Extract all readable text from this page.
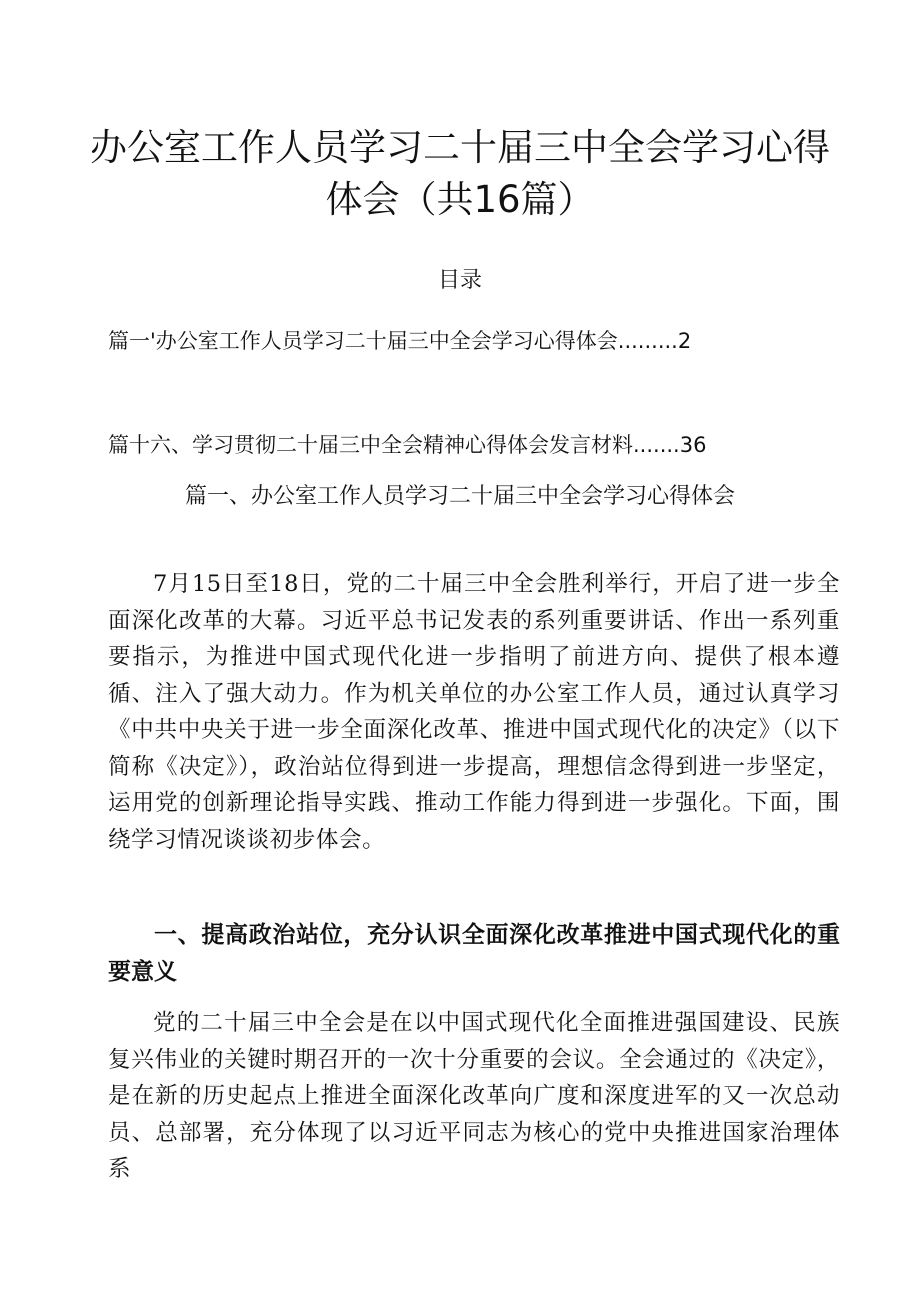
办公室工作人员学习二十届三中全会学习心得
体会（共16篇）
目录
篇一'办公室工作人员学习二十届三中全会学习心得体会.........2
篇十六、学习贯彻二十届三中全会精神心得体会发言材料.......36
篇一、办公室工作人员学习二十届三中全会学习心得体会

7月15日至18日，党的二十届三中全会胜利举行，开启了进一步全面深化改革的大幕。习近平总书记发表的系列重要讲话、作出一系列重要指示，为推进中国式现代化进一步指明了前进方向、提供了根本遵循、注入了强大动力。作为机关单位的办公室工作人员，通过认真学习《中共中央关于进一步全面深化改革、推进中国式现代化的决定》（以下简称《决定》），政治站位得到进一步提高，理想信念得到进一步坚定，运用党的创新理论指导实践、推动工作能力得到进一步强化。下面，围绕学习情况谈谈初步体会。

一、提高政治站位，充分认识全面深化改革推进中国式现代化的重要意义

党的二十届三中全会是在以中国式现代化全面推进强国建设、民族复兴伟业的关键时期召开的一次十分重要的会议。全会通过的《决定》，是在新的历史起点上推进全面深化改革向广度和深度进军的又一次总动员、总部署，充分体现了以习近平同志为核心的党中央推进国家治理体系
